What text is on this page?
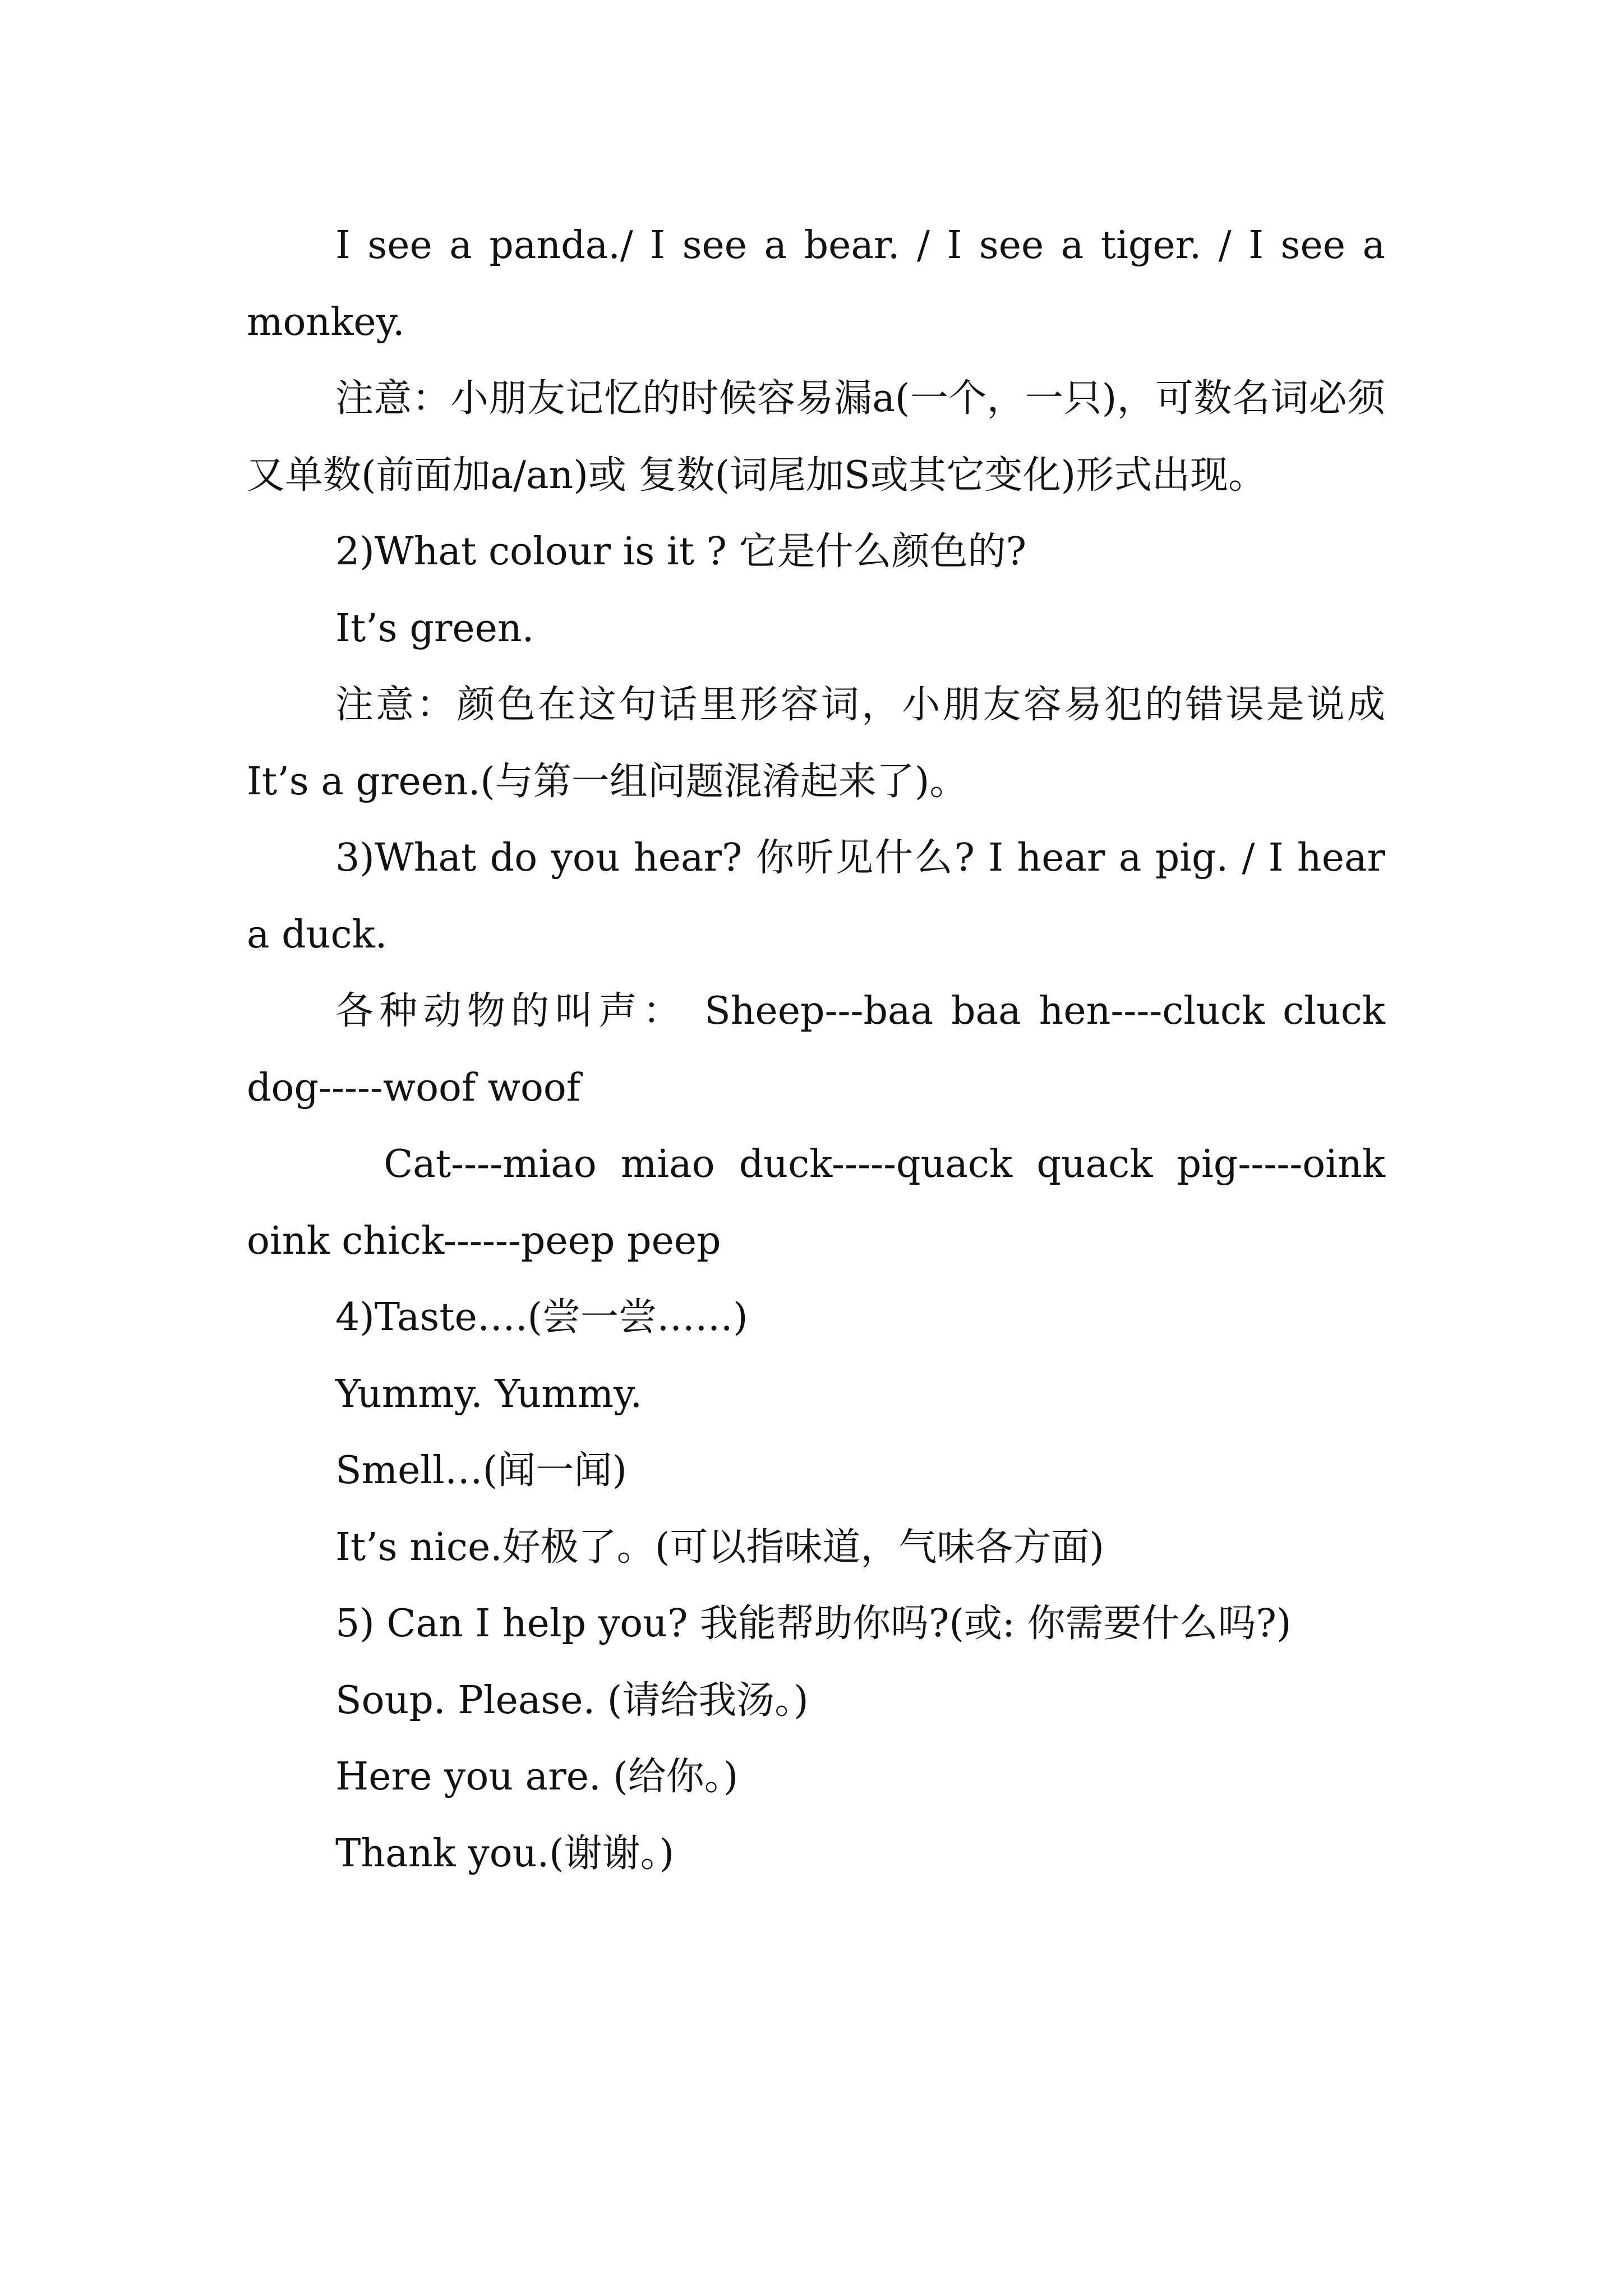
I see a panda./ I see a bear. / I see a tiger. / I see a monkey.

注意：小朋友记忆的时候容易漏a(一个，一只)，可数名词必须又单数(前面加a/an)或 复数(词尾加S或其它变化)形式出现。

2)What colour is it ? 它是什么颜色的?

It’s green.

注意：颜色在这句话里形容词，小朋友容易犯的错误是说成It’s a green.(与第一组问题混淆起来了)。

3)What do you hear? 你听见什么? I hear a pig. / I hear a duck.

各种动物的叫声： Sheep---baa baa hen----cluck cluck dog-----woof woof

Cat----miao miao duck-----quack quack pig-----oink oink chick------peep peep

4)Taste….(尝一尝……)

Yummy. Yummy.

Smell…(闻一闻)

It’s nice.好极了。(可以指味道，气味各方面)

5) Can I help you? 我能帮助你吗?(或: 你需要什么吗?)

Soup. Please. (请给我汤。)

Here you are. (给你。)

Thank you.(谢谢。)
